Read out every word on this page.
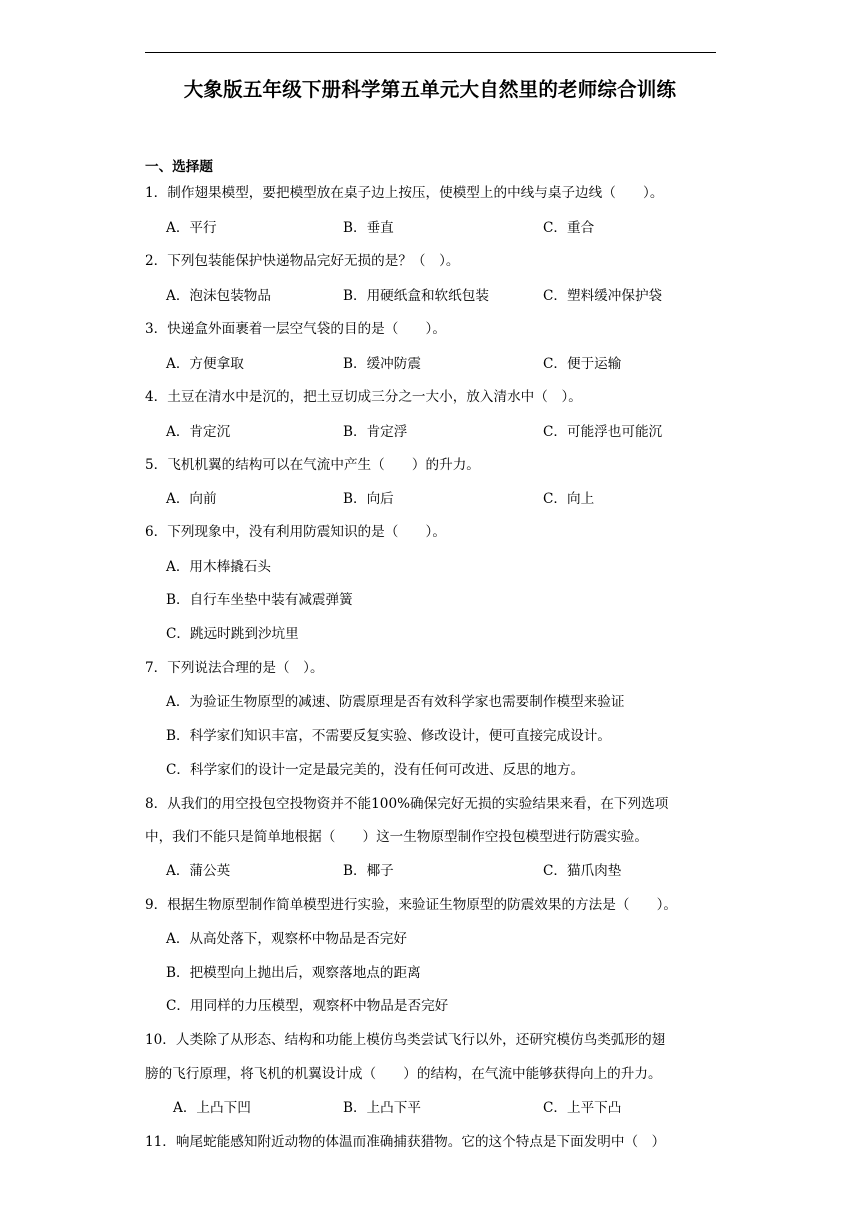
大象版五年级下册科学第五单元大自然里的老师综合训练
一、选择题
1．制作翅果模型，要把模型放在桌子边上按压，使模型上的中线与桌子边线（　　）。
A．平行	B．垂直	C．重合
2．下列包装能保护快递物品完好无损的是？（　）。
A．泡沫包装物品	B．用硬纸盒和软纸包装	C．塑料缓冲保护袋
3．快递盒外面裹着一层空气袋的目的是（　　）。
A．方便拿取	B．缓冲防震	C．便于运输
4．土豆在清水中是沉的，把土豆切成三分之一大小，放入清水中（　）。
A．肯定沉	B．肯定浮	C．可能浮也可能沉
5．飞机机翼的结构可以在气流中产生（　　）的升力。
A．向前	B．向后	C．向上
6．下列现象中，没有利用防震知识的是（　　）。
A．用木棒撬石头
B．自行车坐垫中装有减震弹簧
C．跳远时跳到沙坑里
7．下列说法合理的是（　）。
A．为验证生物原型的减速、防震原理是否有效科学家也需要制作模型来验证
B．科学家们知识丰富，不需要反复实验、修改设计，便可直接完成设计。
C．科学家们的设计一定是最完美的，没有任何可改进、反思的地方。
8．从我们的用空投包空投物资并不能100%确保完好无损的实验结果来看，在下列选项
中，我们不能只是简单地根据（　　）这一生物原型制作空投包模型进行防震实验。
A．蒲公英	B．椰子	C．猫爪肉垫
9．根据生物原型制作简单模型进行实验，来验证生物原型的防震效果的方法是（　　）。
A．从高处落下，观察杯中物品是否完好
B．把模型向上抛出后，观察落地点的距离
C．用同样的力压模型，观察杯中物品是否完好
10．人类除了从形态、结构和功能上模仿鸟类尝试飞行以外，还研究模仿鸟类弧形的翅
膀的飞行原理，将飞机的机翼设计成（　　）的结构，在气流中能够获得向上的升力。
A．上凸下凹	B．上凸下平	C．上平下凸
11．响尾蛇能感知附近动物的体温而准确捕获猎物。它的这个特点是下面发明中（　）
